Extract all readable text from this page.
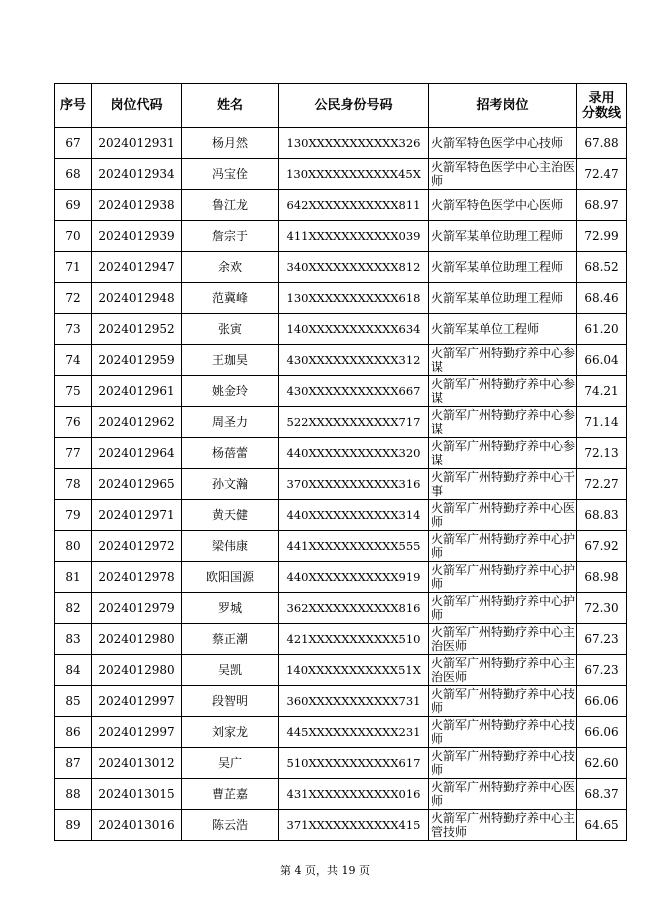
序号	岗位代码	姓名	公民身份号码	招考岗位	录用
分数线
67	2024012931	杨月然	130XXXXXXXXXXX326	火箭军特色医学中心技师	67.88
68	2024012934	冯宝佺	130XXXXXXXXXXX45X	火箭军特色医学中心主治医师	72.47
69	2024012938	鲁江龙	642XXXXXXXXXXX811	火箭军特色医学中心医师	68.97
70	2024012939	詹宗于	411XXXXXXXXXXX039	火箭军某单位助理工程师	72.99
71	2024012947	余欢	340XXXXXXXXXXX812	火箭军某单位助理工程师	68.52
72	2024012948	范冀峰	130XXXXXXXXXXX618	火箭军某单位助理工程师	68.46
73	2024012952	张寅	140XXXXXXXXXXX634	火箭军某单位工程师	61.20
74	2024012959	王珈昊	430XXXXXXXXXXX312	火箭军广州特勤疗养中心参谋	66.04
75	2024012961	姚金玲	430XXXXXXXXXXX667	火箭军广州特勤疗养中心参谋	74.21
76	2024012962	周圣力	522XXXXXXXXXXX717	火箭军广州特勤疗养中心参谋	71.14
77	2024012964	杨蓓蕾	440XXXXXXXXXXX320	火箭军广州特勤疗养中心参谋	72.13
78	2024012965	孙文瀚	370XXXXXXXXXXX316	火箭军广州特勤疗养中心干事	72.27
79	2024012971	黄天健	440XXXXXXXXXXX314	火箭军广州特勤疗养中心医师	68.83
80	2024012972	梁伟康	441XXXXXXXXXXX555	火箭军广州特勤疗养中心护师	67.92
81	2024012978	欧阳国源	440XXXXXXXXXXX919	火箭军广州特勤疗养中心护师	68.98
82	2024012979	罗城	362XXXXXXXXXXX816	火箭军广州特勤疗养中心护师	72.30
83	2024012980	蔡正潮	421XXXXXXXXXXX510	火箭军广州特勤疗养中心主治医师	67.23
84	2024012980	吴凯	140XXXXXXXXXXX51X	火箭军广州特勤疗养中心主治医师	67.23
85	2024012997	段智明	360XXXXXXXXXXX731	火箭军广州特勤疗养中心技师	66.06
86	2024012997	刘家龙	445XXXXXXXXXXX231	火箭军广州特勤疗养中心技师	66.06
87	2024013012	吴广	510XXXXXXXXXXX617	火箭军广州特勤疗养中心技师	62.60
88	2024013015	曹芷嘉	431XXXXXXXXXXX016	火箭军广州特勤疗养中心医师	68.37
89	2024013016	陈云浩	371XXXXXXXXXXX415	火箭军广州特勤疗养中心主管技师	64.65
第 4 页，共 19 页
